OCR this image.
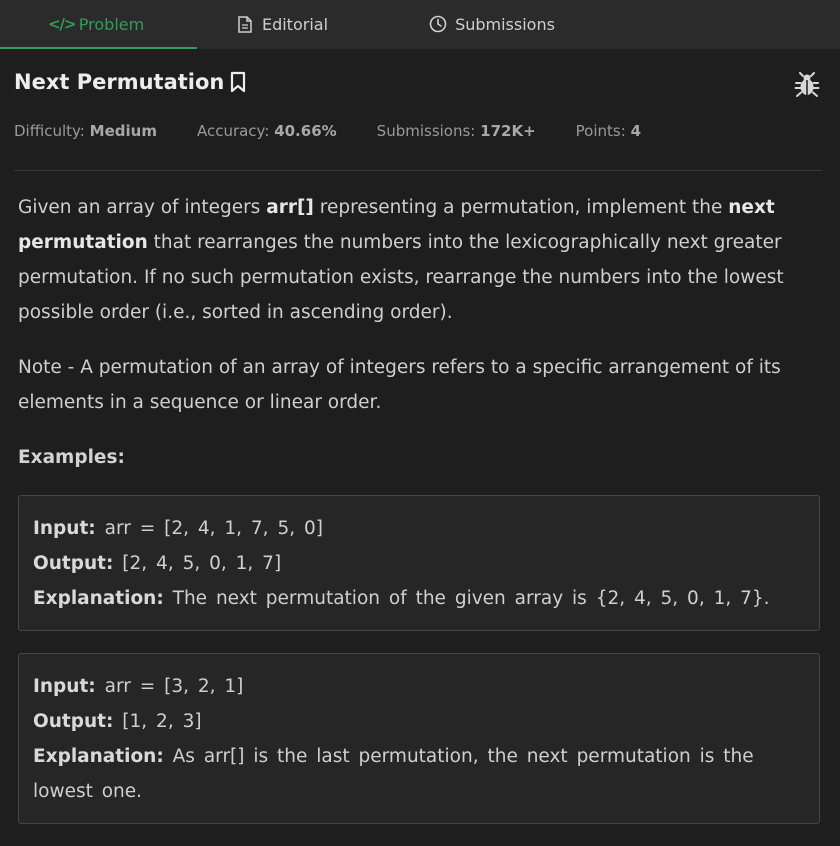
</> Problem	Editorial	Submissions
Next Permutation
Difficulty: Medium	Accuracy: 40.66%	Submissions: 172K+	Points: 4

Given an array of integers arr[] representing a permutation, implement the next permutation that rearranges the numbers into the lexicographically next greater permutation. If no such permutation exists, rearrange the numbers into the lowest possible order (i.e., sorted in ascending order).

Note - A permutation of an array of integers refers to a specific arrangement of its elements in a sequence or linear order.

Examples:
Input: arr = [2, 4, 1, 7, 5, 0]
Output: [2, 4, 5, 0, 1, 7]
Explanation: The next permutation of the given array is {2, 4, 5, 0, 1, 7}.
Input: arr = [3, 2, 1]
Output: [1, 2, 3]
Explanation: As arr[] is the last permutation, the next permutation is the lowest one.
